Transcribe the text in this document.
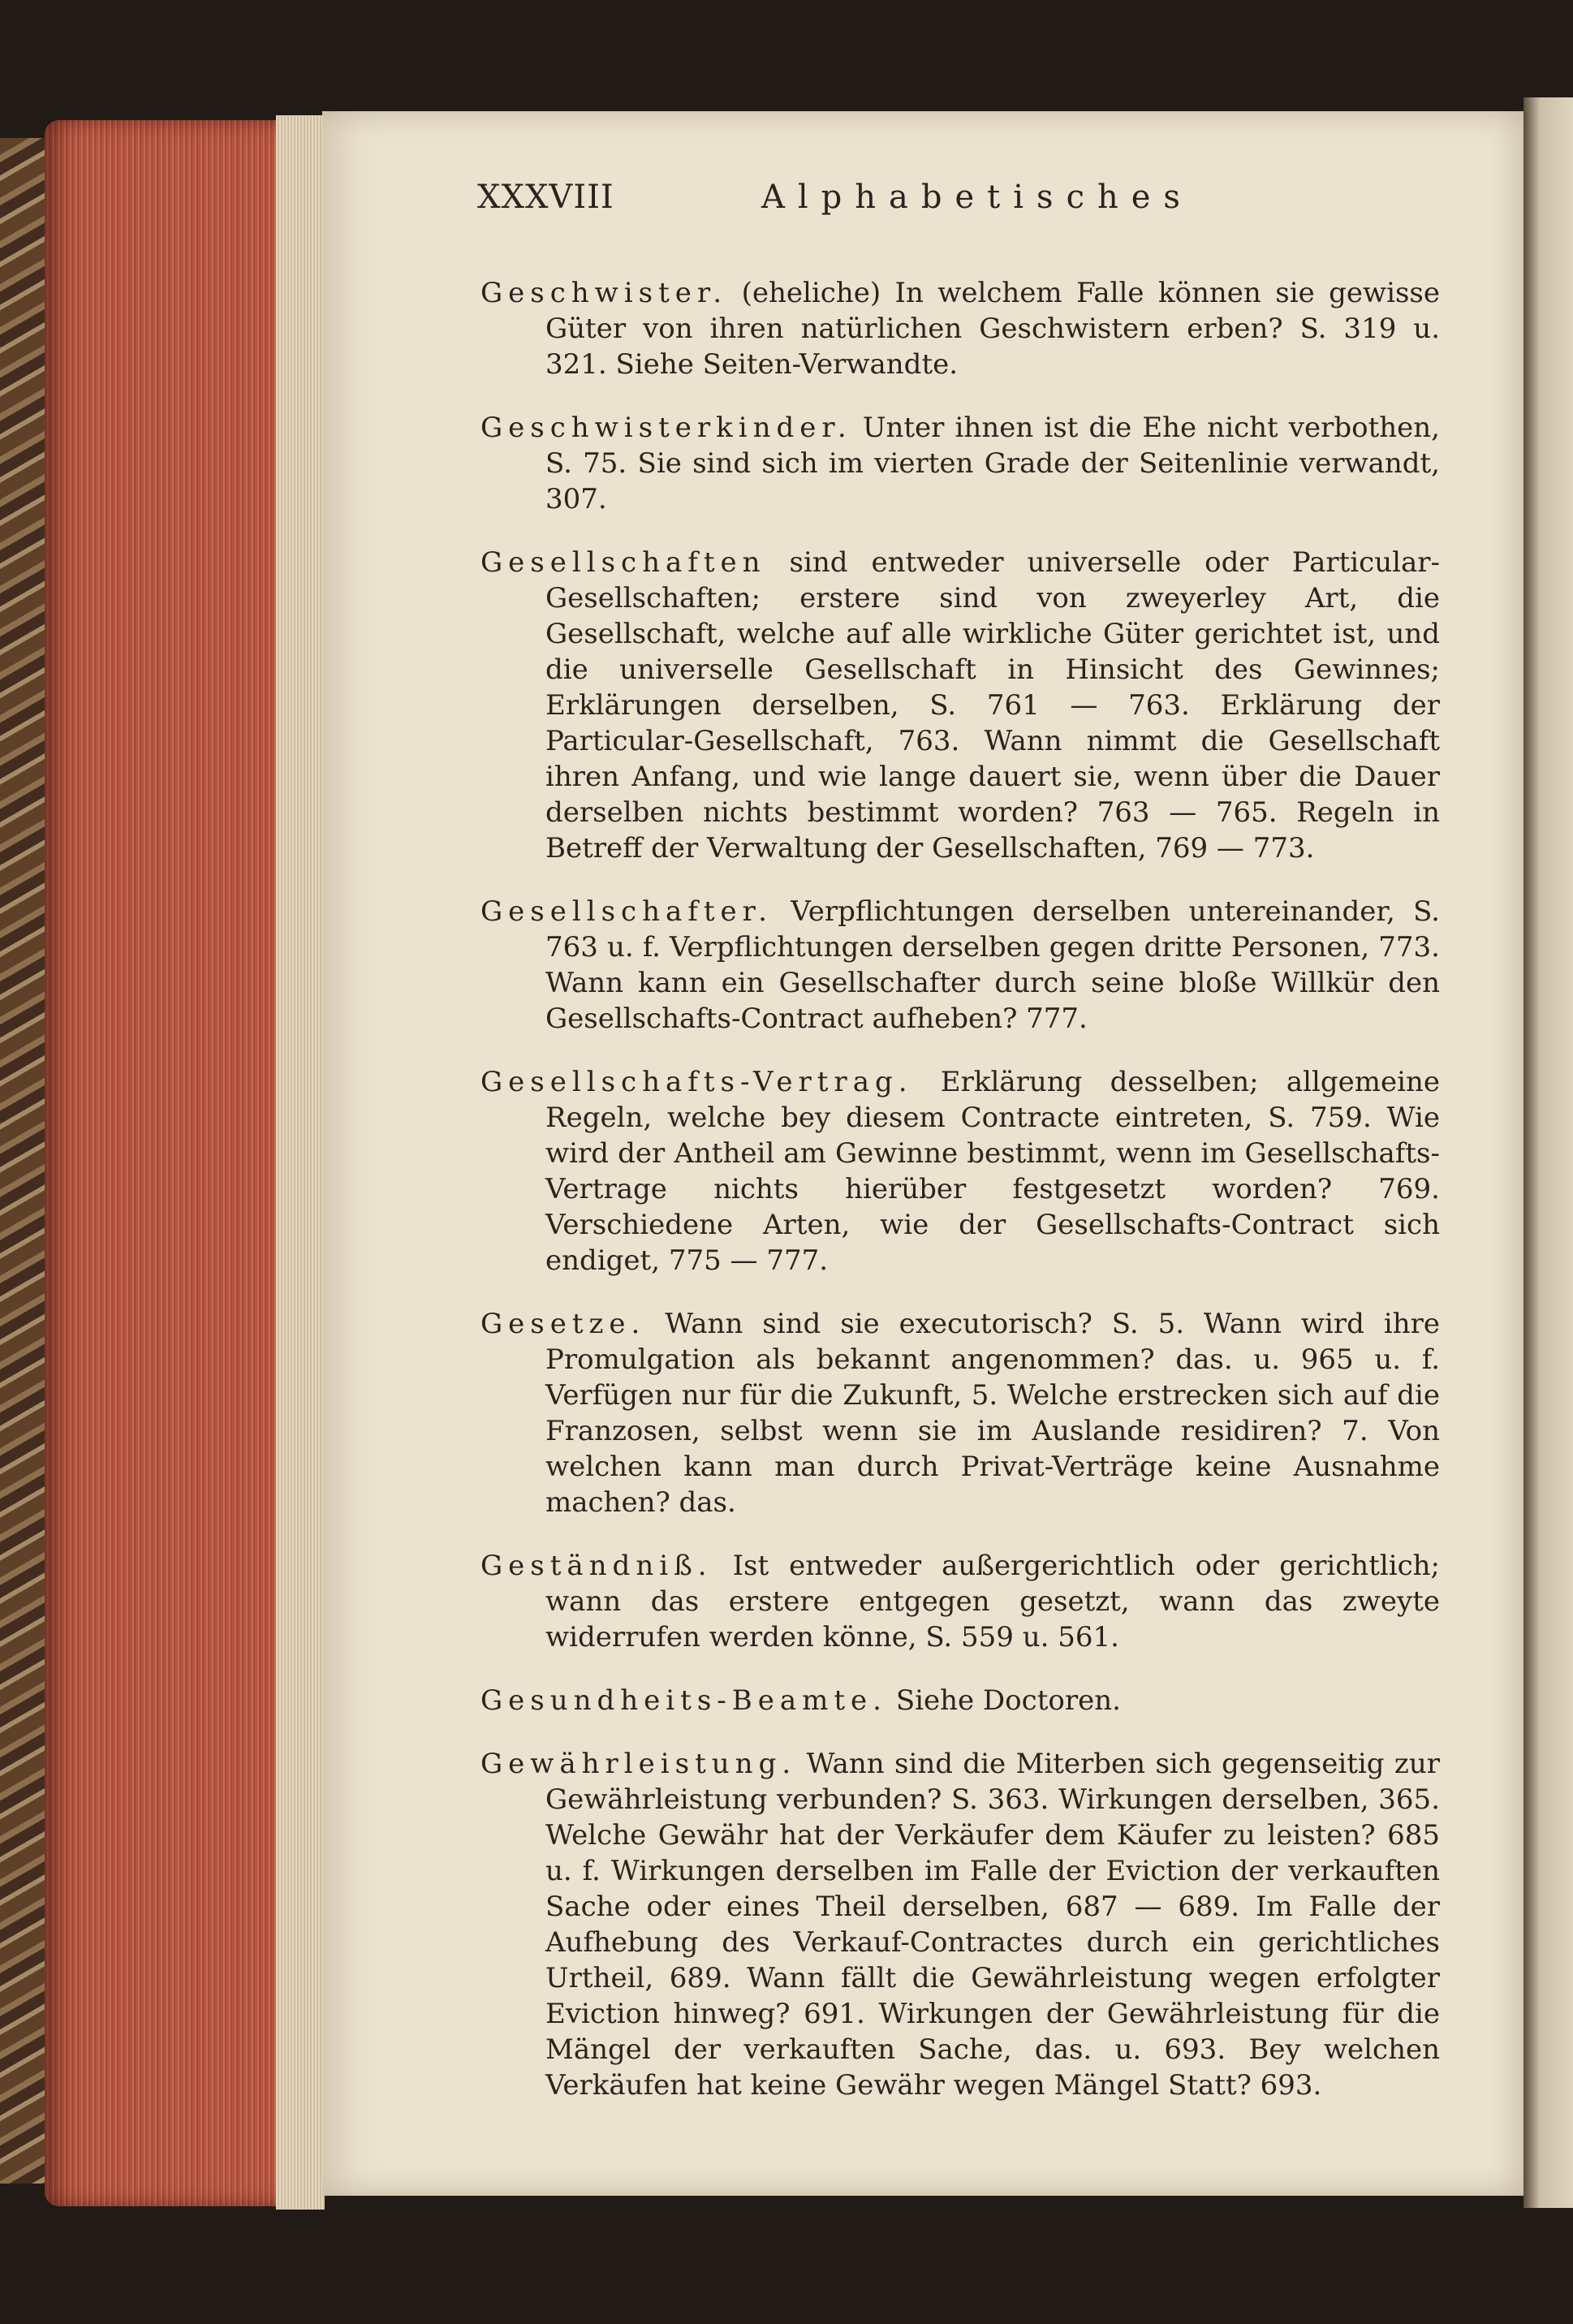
XXXVIII	Alphabetisches

Geschwister. (eheliche) In welchem Falle können sie gewisse Güter von ihren natürlichen Geschwistern erben? S. 319 u. 321. Siehe Seiten-Verwandte.

Geschwisterkinder. Unter ihnen ist die Ehe nicht verbothen, S. 75. Sie sind sich im vierten Grade der Seitenlinie verwandt, 307.

Gesellschaften sind entweder universelle oder Particular-Gesellschaften; erstere sind von zweyerley Art, die Gesellschaft, welche auf alle wirkliche Güter gerichtet ist, und die universelle Gesellschaft in Hinsicht des Gewinnes; Erklärungen derselben, S. 761 — 763. Erklärung der Particular-Gesellschaft, 763. Wann nimmt die Gesellschaft ihren Anfang, und wie lange dauert sie, wenn über die Dauer derselben nichts bestimmt worden? 763 — 765. Regeln in Betreff der Verwaltung der Gesellschaften, 769 — 773.

Gesellschafter. Verpflichtungen derselben untereinander, S. 763 u. f. Verpflichtungen derselben gegen dritte Personen, 773. Wann kann ein Gesellschafter durch seine bloße Willkür den Gesellschafts-Contract aufheben? 777.

Gesellschafts-Vertrag. Erklärung desselben; allgemeine Regeln, welche bey diesem Contracte eintreten, S. 759. Wie wird der Antheil am Gewinne bestimmt, wenn im Gesellschafts-Vertrage nichts hierüber festgesetzt worden? 769. Verschiedene Arten, wie der Gesellschafts-Contract sich endiget, 775 — 777.

Gesetze. Wann sind sie executorisch? S. 5. Wann wird ihre Promulgation als bekannt angenommen? das. u. 965 u. f. Verfügen nur für die Zukunft, 5. Welche erstrecken sich auf die Franzosen, selbst wenn sie im Auslande residiren? 7. Von welchen kann man durch Privat-Verträge keine Ausnahme machen? das.

Geständniß. Ist entweder außergerichtlich oder gerichtlich; wann das erstere entgegen gesetzt, wann das zweyte widerrufen werden könne, S. 559 u. 561.

Gesundheits-Beamte. Siehe Doctoren.

Gewährleistung. Wann sind die Miterben sich gegenseitig zur Gewährleistung verbunden? S. 363. Wirkungen derselben, 365. Welche Gewähr hat der Verkäufer dem Käufer zu leisten? 685 u. f. Wirkungen derselben im Falle der Eviction der verkauften Sache oder eines Theil derselben, 687 — 689. Im Falle der Aufhebung des Verkauf-Contractes durch ein gerichtliches Urtheil, 689. Wann fällt die Gewährleistung wegen erfolgter Eviction hinweg? 691. Wirkungen der Gewährleistung für die Mängel der verkauften Sache, das. u. 693. Bey welchen Verkäufen hat keine Gewähr wegen Mängel Statt? 693.
